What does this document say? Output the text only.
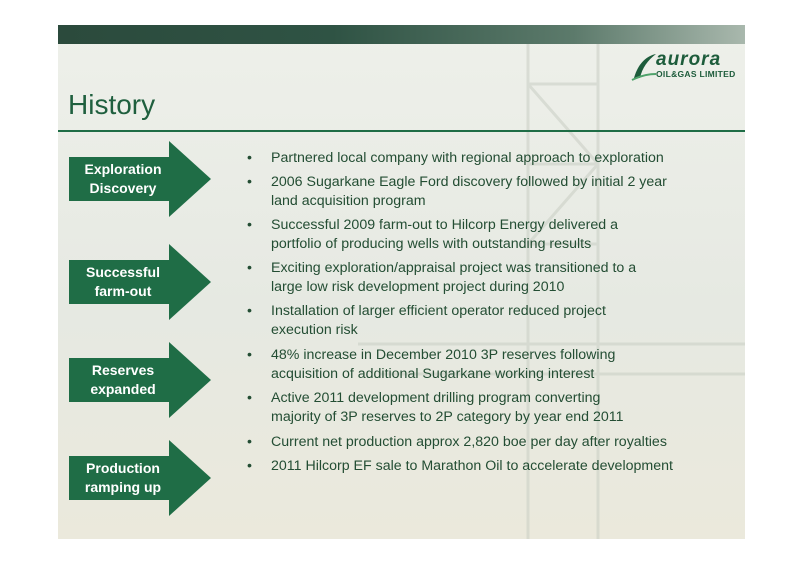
aurora
OIL&GAS LIMITED
History
Exploration
Discovery
Successful
farm-out
Reserves
expanded
Production
ramping up
• Partnered local company with regional approach to exploration
• 2006 Sugarkane Eagle Ford discovery followed by initial 2 year
land acquisition program
• Successful 2009 farm-out to Hilcorp Energy delivered a
portfolio of producing wells with outstanding results
• Exciting exploration/appraisal project was transitioned to a
large low risk development project during 2010
• Installation of larger efficient operator reduced project
execution risk
• 48% increase in December 2010 3P reserves following
acquisition of additional Sugarkane working interest
• Active 2011 development drilling program converting
majority of 3P reserves to 2P category by year end 2011
• Current net production approx 2,820 boe per day after royalties
• 2011 Hilcorp EF sale to Marathon Oil to accelerate development
